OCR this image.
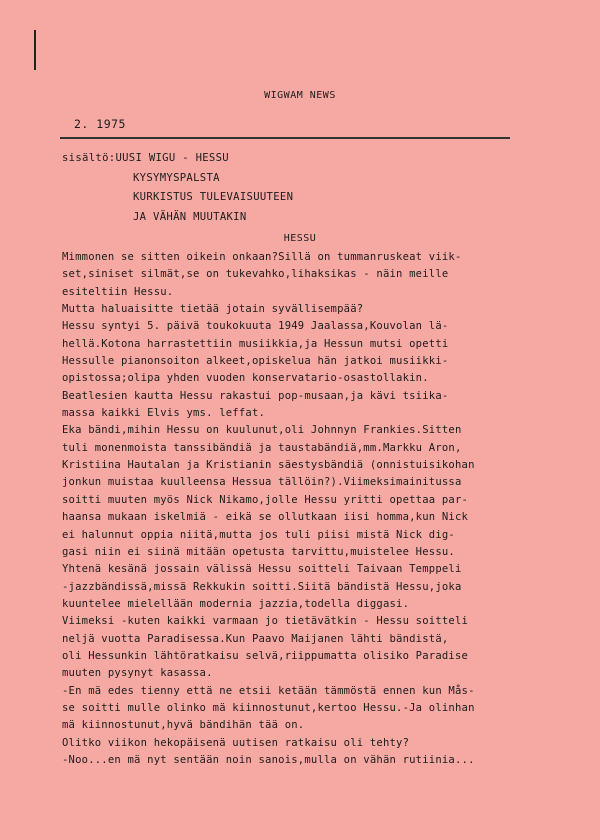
WIGWAM NEWS
2. 1975
sisältö:UUSI WIGU - HESSU
KYSYMYSPALSTA
KURKISTUS TULEVAISUUTEEN
JA VÄHÄN MUUTAKIN
HESSU
Mimmonen se sitten oikein onkaan?Sillä on tummanruskeat viik-
set,siniset silmät,se on tukevahko,lihaksikas - näin meille
esiteltiin Hessu.
Mutta haluaisitte tietää jotain syvällisempää?
Hessu syntyi 5. päivä toukokuuta 1949 Jaalassa,Kouvolan lä-
hellä.Kotona harrastettiin musiikkia,ja Hessun mutsi opetti
Hessulle pianonsoiton alkeet,opiskelua hän jatkoi musiikki-
opistossa;olipa yhden vuoden konservatario-osastollakin.
Beatlesien kautta Hessu rakastui pop-musaan,ja kävi tsiika-
massa kaikki Elvis yms. leffat.
Eka bändi,mihin Hessu on kuulunut,oli Johnnyn Frankies.Sitten
tuli monenmoista tanssibändiä ja taustabändiä,mm.Markku Aron,
Kristiina Hautalan ja Kristianin säestysbändiä (onnistuisikohan
jonkun muistaa kuulleensa Hessua tällöin?).Viimeksimainitussa
soitti muuten myös Nick Nikamo,jolle Hessu yritti opettaa par-
haansa mukaan iskelmiä - eikä se ollutkaan iisi homma,kun Nick
ei halunnut oppia niitä,mutta jos tuli piisi mistä Nick dig-
gasi niin ei siinä mitään opetusta tarvittu,muistelee Hessu.
Yhtenä kesänä jossain välissä Hessu soitteli Taivaan Temppeli
-jazzbändissä,missä Rekkukin soitti.Siitä bändistä Hessu,joka
kuuntelee mielellään modernia jazzia,todella diggasi.
Viimeksi -kuten kaikki varmaan jo tietävätkin - Hessu soitteli
neljä vuotta Paradisessa.Kun Paavo Maijanen lähti bändistä,
oli Hessunkin lähtöratkaisu selvä,riippumatta olisiko Paradise
muuten pysynyt kasassa.
-En mä edes tienny että ne etsii ketään tämmöstä ennen kun Mås-
se soitti mulle olinko mä kiinnostunut,kertoo Hessu.-Ja olinhan
mä kiinnostunut,hyvä bändihän tää on.
Olitko viikon hekopäisenä uutisen ratkaisu oli tehty?
-Noo...en mä nyt sentään noin sanois,mulla on vähän rutiinia...
